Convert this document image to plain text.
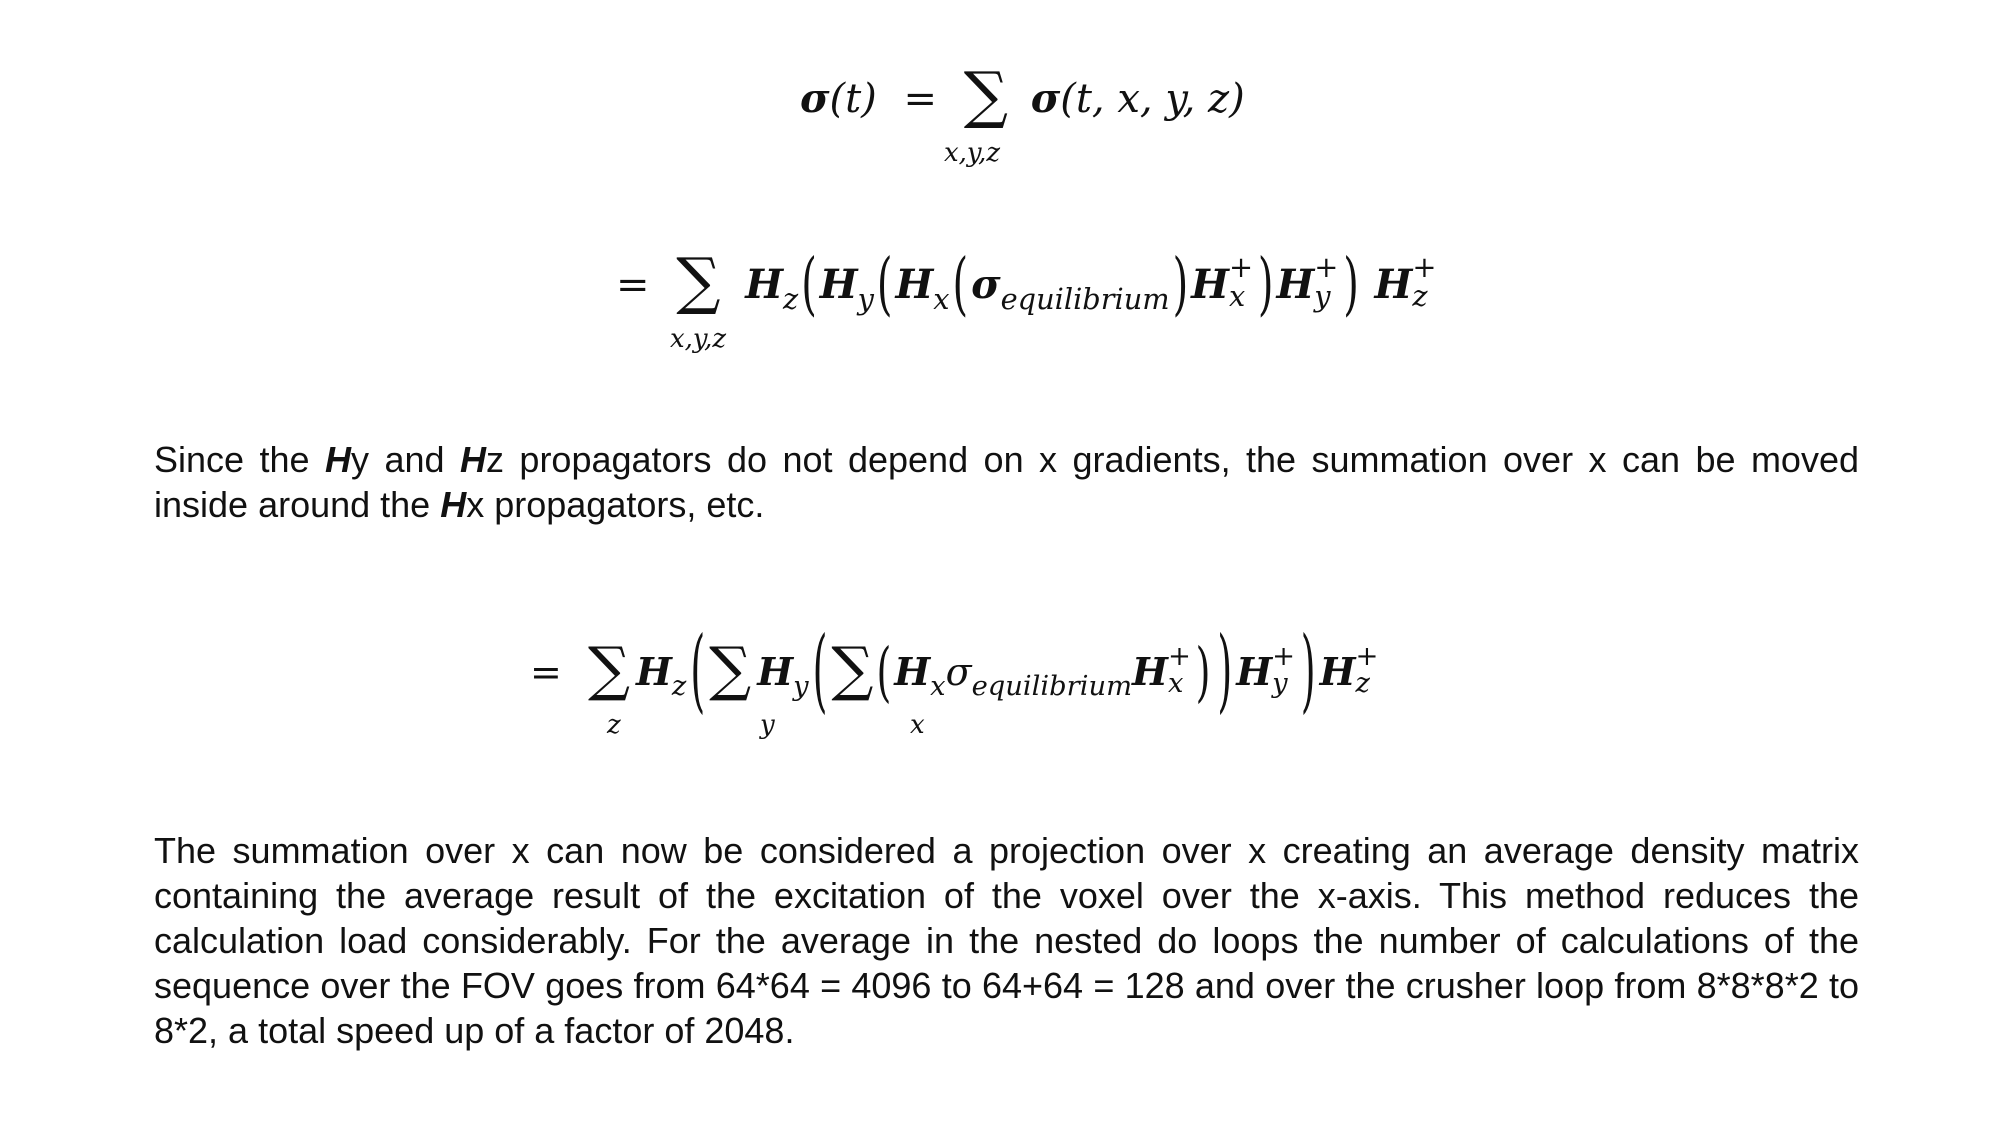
σ(t) = ∑ σ(t, x, y, z)
x,y,z
= ∑ $H_z(H_y(H_x(\sigma_{equilibrium})H$ +
x )H +
y ) H +
z
x,y,z
Since the Hy and Hz propagators do not depend on x gradients, the summation over x can be moved inside around the Hx propagators, etc.
= ∑ $H_z$ (∑ $H_y$ ($\sum(H_x\sigma_{equilibrium}H$ +
x ) ) H +
y ) H +
z
z	y	x
The summation over x can now be considered a projection over x creating an average density matrix containing the average result of the excitation of the voxel over the x-axis. This method reduces the calculation load considerably. For the average in the nested do loops the number of calculations of the sequence over the FOV goes from 64*64 = 4096 to 64+64 = 128 and over the crusher loop from 8*8*8*2 to 8*2, a total speed up of a factor of 2048.
